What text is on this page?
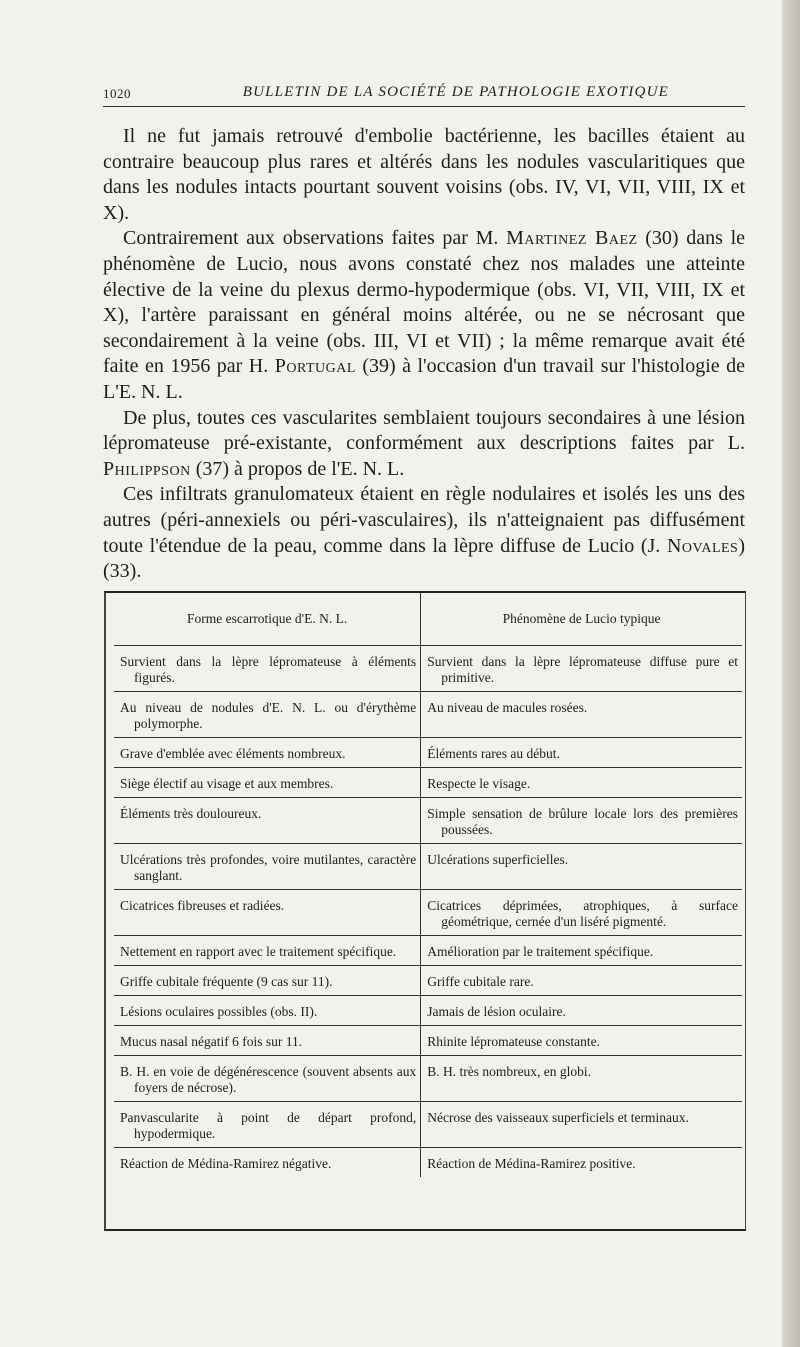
1020	BULLETIN DE LA SOCIÉTÉ DE PATHOLOGIE EXOTIQUE

Il ne fut jamais retrouvé d'embolie bactérienne, les bacilles étaient au contraire beaucoup plus rares et altérés dans les nodules vascularitiques que dans les nodules intacts pourtant souvent voisins (obs. IV, VI, VII, VIII, IX et X).

Contrairement aux observations faites par M. Martinez Baez (30) dans le phénomène de Lucio, nous avons constaté chez nos malades une atteinte élective de la veine du plexus dermo-hypodermique (obs. VI, VII, VIII, IX et X), l'artère paraissant en général moins altérée, ou ne se nécrosant que secondairement à la veine (obs. III, VI et VII) ; la même remarque avait été faite en 1956 par H. Portugal (39) à l'occasion d'un travail sur l'histologie de L'E. N. L.

De plus, toutes ces vascularites semblaient toujours secondaires à une lésion lépromateuse pré-existante, conformément aux descriptions faites par L. Philippson (37) à propos de l'E. N. L.

Ces infiltrats granulomateux étaient en règle nodulaires et isolés les uns des autres (péri-annexiels ou péri-vasculaires), ils n'atteignaient pas diffusément toute l'étendue de la peau, comme dans la lèpre diffuse de Lucio (J. Novales) (33).

Forme escarrotique d'E. N. L.	Phénomène de Lucio typique

Survient dans la lèpre lépromateuse à éléments figurés.	Survient dans la lèpre lépromateuse diffuse pure et primitive.

Au niveau de nodules d'E. N. L. ou d'érythème polymorphe.	Au niveau de macules rosées.

Grave d'emblée avec éléments nombreux.	Éléments rares au début.

Siège électif au visage et aux membres.	Respecte le visage.

Éléments très douloureux.	Simple sensation de brûlure locale lors des premières poussées.

Ulcérations très profondes, voire mutilantes, caractère sanglant.	Ulcérations superficielles.

Cicatrices fibreuses et radiées.	Cicatrices déprimées, atrophiques, à surface géométrique, cernée d'un liséré pigmenté.

Nettement en rapport avec le traitement spécifique.	Amélioration par le traitement spécifique.

Griffe cubitale fréquente (9 cas sur 11).	Griffe cubitale rare.

Lésions oculaires possibles (obs. II).	Jamais de lésion oculaire.

Mucus nasal négatif 6 fois sur 11.	Rhinite lépromateuse constante.

B. H. en voie de dégénérescence (souvent absents aux foyers de nécrose).	B. H. très nombreux, en globi.

Panvascularite à point de départ profond, hypodermique.	Nécrose des vaisseaux superficiels et terminaux.

Réaction de Médina-Ramirez négative.	Réaction de Médina-Ramirez positive.
